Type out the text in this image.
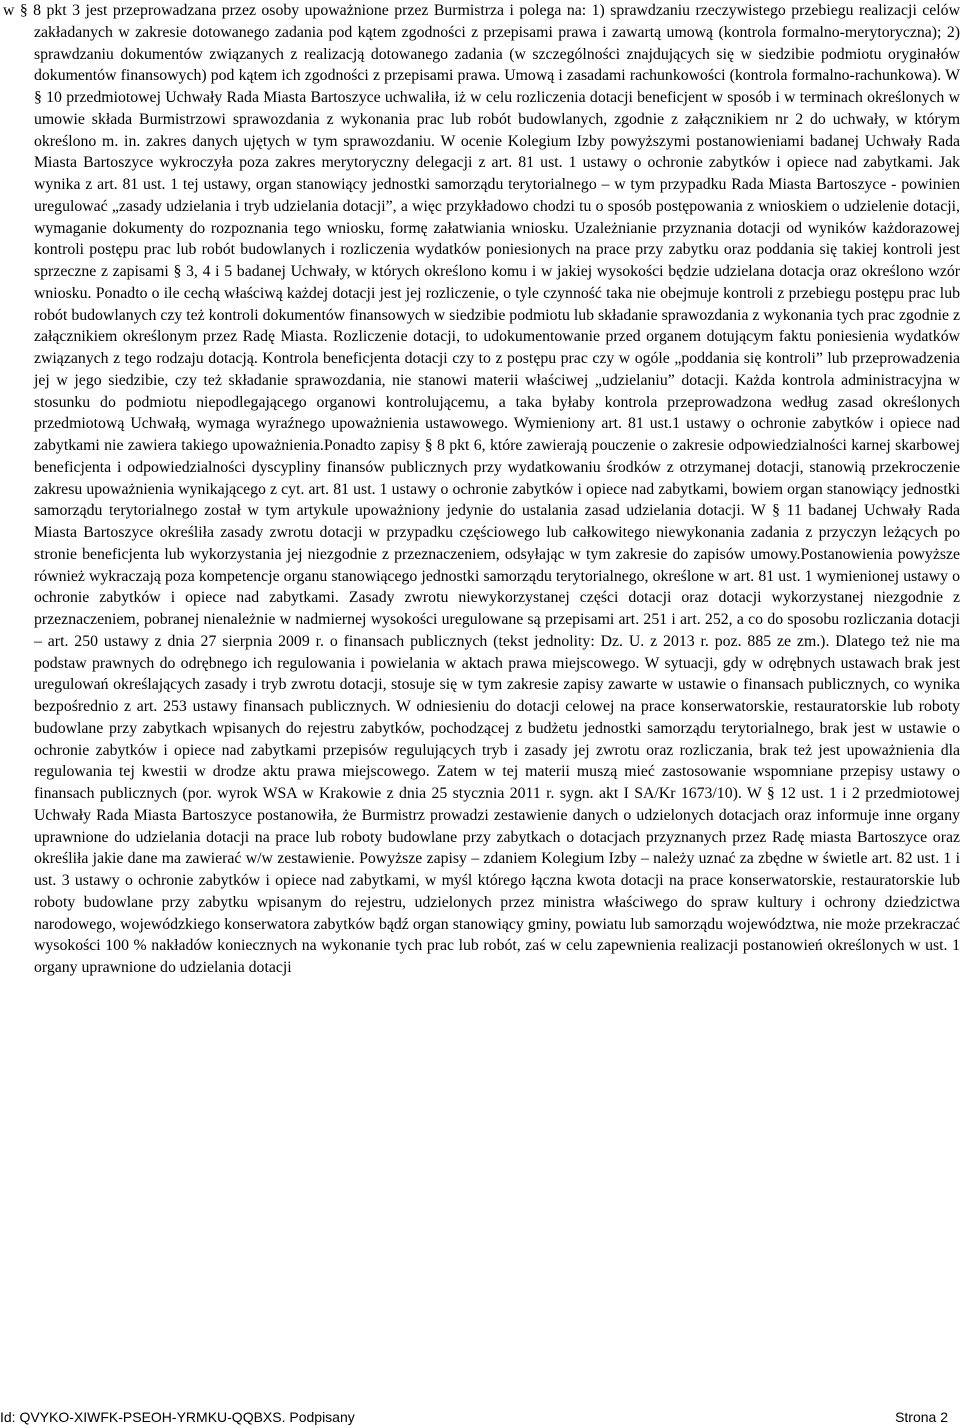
w § 8 pkt 3 jest przeprowadzana przez osoby upoważnione przez Burmistrza i polega na: 1) sprawdzaniu rzeczywistego przebiegu realizacji celów zakładanych w zakresie dotowanego zadania pod kątem zgodności z przepisami prawa i zawartą umową (kontrola formalno-merytoryczna); 2) sprawdzaniu dokumentów związanych z realizacją dotowanego zadania (w szczególności znajdujących się w siedzibie podmiotu oryginałów dokumentów finansowych) pod kątem ich zgodności z przepisami prawa. Umową i zasadami rachunkowości (kontrola formalno-rachunkowa). W § 10 przedmiotowej Uchwały Rada Miasta Bartoszyce uchwaliła, iż w celu rozliczenia dotacji beneficjent w sposób i w terminach określonych w umowie składa Burmistrzowi sprawozdania z wykonania prac lub robót budowlanych, zgodnie z załącznikiem nr 2 do uchwały, w którym określono m. in. zakres danych ujętych w tym sprawozdaniu. W ocenie Kolegium Izby powyższymi postanowieniami badanej Uchwały Rada Miasta Bartoszyce wykroczyła poza zakres merytoryczny delegacji z art. 81 ust. 1 ustawy o ochronie zabytków i opiece nad zabytkami. Jak wynika z art. 81 ust. 1 tej ustawy, organ stanowiący jednostki samorządu terytorialnego – w tym przypadku Rada Miasta Bartoszyce - powinien uregulować „zasady udzielania i tryb udzielania dotacji”, a więc przykładowo chodzi tu o sposób postępowania z wnioskiem o udzielenie dotacji, wymaganie dokumenty do rozpoznania tego wniosku, formę załatwiania wniosku. Uzależnianie przyznania dotacji od wyników każdorazowej kontroli postępu prac lub robót budowlanych i rozliczenia wydatków poniesionych na prace przy zabytku oraz poddania się takiej kontroli jest sprzeczne z zapisami § 3, 4 i 5 badanej Uchwały, w których określono komu i w jakiej wysokości będzie udzielana dotacja oraz określono wzór wniosku. Ponadto o ile cechą właściwą każdej dotacji jest jej rozliczenie, o tyle czynność taka nie obejmuje kontroli z przebiegu postępu prac lub robót budowlanych czy też kontroli dokumentów finansowych w siedzibie podmiotu lub składanie sprawozdania z wykonania tych prac zgodnie z załącznikiem określonym przez Radę Miasta. Rozliczenie dotacji, to udokumentowanie przed organem dotującym faktu poniesienia wydatków związanych z tego rodzaju dotacją. Kontrola beneficjenta dotacji czy to z postępu prac czy w ogóle „poddania się kontroli” lub przeprowadzenia jej w jego siedzibie, czy też składanie sprawozdania, nie stanowi materii właściwej „udzielaniu” dotacji. Każda kontrola administracyjna w stosunku do podmiotu niepodlegającego organowi kontrolującemu, a taka byłaby kontrola przeprowadzona według zasad określonych przedmiotową Uchwałą, wymaga wyraźnego upoważnienia ustawowego. Wymieniony art. 81 ust.1 ustawy o ochronie zabytków i opiece nad zabytkami nie zawiera takiego upoważnienia.Ponadto zapisy § 8 pkt 6, które zawierają pouczenie o zakresie odpowiedzialności karnej skarbowej beneficjenta i odpowiedzialności dyscypliny finansów publicznych przy wydatkowaniu środków z otrzymanej dotacji, stanowią przekroczenie zakresu upoważnienia wynikającego z cyt. art. 81 ust. 1 ustawy o ochronie zabytków i opiece nad zabytkami, bowiem organ stanowiący jednostki samorządu terytorialnego został w tym artykule upoważniony jedynie do ustalania zasad udzielania dotacji. W § 11 badanej Uchwały Rada Miasta Bartoszyce określiła zasady zwrotu dotacji w przypadku częściowego lub całkowitego niewykonania zadania z przyczyn leżących po stronie beneficjenta lub wykorzystania jej niezgodnie z przeznaczeniem, odsyłając w tym zakresie do zapisów umowy.Postanowienia powyższe również wykraczają poza kompetencje organu stanowiącego jednostki samorządu terytorialnego, określone w art. 81 ust. 1 wymienionej ustawy o ochronie zabytków i opiece nad zabytkami. Zasady zwrotu niewykorzystanej części dotacji oraz dotacji wykorzystanej niezgodnie z przeznaczeniem, pobranej nienależnie w nadmiernej wysokości uregulowane są przepisami art. 251 i art. 252, a co do sposobu rozliczania dotacji – art. 250 ustawy z dnia 27 sierpnia 2009 r. o finansach publicznych (tekst jednolity: Dz. U. z 2013 r. poz. 885 ze zm.). Dlatego też nie ma podstaw prawnych do odrębnego ich regulowania i powielania w aktach prawa miejscowego. W sytuacji, gdy w odrębnych ustawach brak jest uregulowań określających zasady i tryb zwrotu dotacji, stosuje się w tym zakresie zapisy zawarte w ustawie o finansach publicznych, co wynika bezpośrednio z art. 253 ustawy finansach publicznych. W odniesieniu do dotacji celowej na prace konserwatorskie, restauratorskie lub roboty budowlane przy zabytkach wpisanych do rejestru zabytków, pochodzącej z budżetu jednostki samorządu terytorialnego, brak jest w ustawie o ochronie zabytków i opiece nad zabytkami przepisów regulujących tryb i zasady jej zwrotu oraz rozliczania, brak też jest upoważnienia dla regulowania tej kwestii w drodze aktu prawa miejscowego. Zatem w tej materii muszą mieć zastosowanie wspomniane przepisy ustawy o finansach publicznych (por. wyrok WSA w Krakowie z dnia 25 stycznia 2011 r. sygn. akt I SA/Kr 1673/10). W § 12 ust. 1 i 2 przedmiotowej Uchwały Rada Miasta Bartoszyce postanowiła, że Burmistrz prowadzi zestawienie danych o udzielonych dotacjach oraz informuje inne organy uprawnione do udzielania dotacji na prace lub roboty budowlane przy zabytkach o dotacjach przyznanych przez Radę miasta Bartoszyce oraz określiła jakie dane ma zawierać w/w zestawienie. Powyższe zapisy – zdaniem Kolegium Izby – należy uznać za zbędne w świetle art. 82 ust. 1 i ust. 3 ustawy o ochronie zabytków i opiece nad zabytkami, w myśl którego łączna kwota dotacji na prace konserwatorskie, restauratorskie lub roboty budowlane przy zabytku wpisanym do rejestru, udzielonych przez ministra właściwego do spraw kultury i ochrony dziedzictwa narodowego, wojewódzkiego konserwatora zabytków bądź organ stanowiący gminy, powiatu lub samorządu województwa, nie może przekraczać wysokości 100 % nakładów koniecznych na wykonanie tych prac lub robót, zaś w celu zapewnienia realizacji postanowień określonych w ust. 1 organy uprawnione do udzielania dotacji

Id: QVYKO-XIWFK-PSEOH-YRMKU-QQBXS. Podpisany	Strona 2
